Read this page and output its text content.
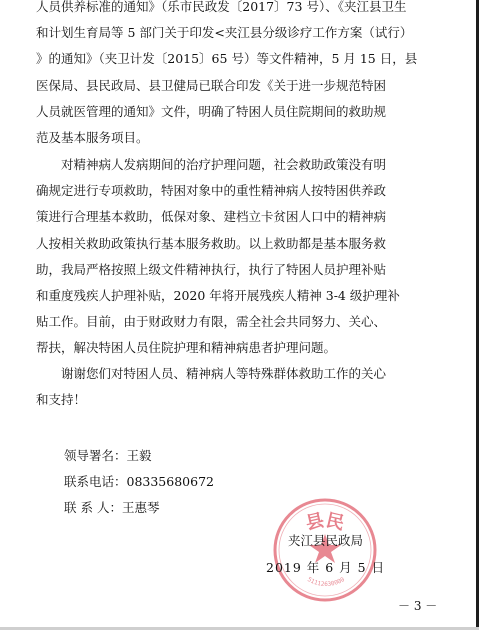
人员供养标准的通知》（乐市民政发〔2017〕73 号）、《夹江县卫生
和计划生育局等 5 部门关于印发<夹江县分级诊疗工作方案（试行）
》的通知》（夹卫计发〔2015〕65 号）等文件精神，5 月 15 日，县
医保局、县民政局、县卫健局已联合印发《关于进一步规范特困
人员就医管理的通知》文件，明确了特困人员住院期间的救助规
范及基本服务项目。
　　对精神病人发病期间的治疗护理问题，社会救助政策没有明
确规定进行专项救助，特困对象中的重性精神病人按特困供养政
策进行合理基本救助，低保对象、建档立卡贫困人口中的精神病
人按相关救助政策执行基本服务救助。以上救助都是基本服务救
助，我局严格按照上级文件精神执行，执行了特困人员护理补贴
和重度残疾人护理补贴，2020 年将开展残疾人精神 3-4 级护理补
贴工作。目前，由于财政财力有限，需全社会共同努力、关心、
帮扶，解决特困人员住院护理和精神病患者护理问题。
　　谢谢您们对特困人员、精神病人等特殊群体救助工作的关心
和支持！
领导署名：王毅
联系电话：08335680672
联 系 人：王惠琴
县民
51112630000
夹江县民政局
2019 年 6 月 5 日
－ 3 －
